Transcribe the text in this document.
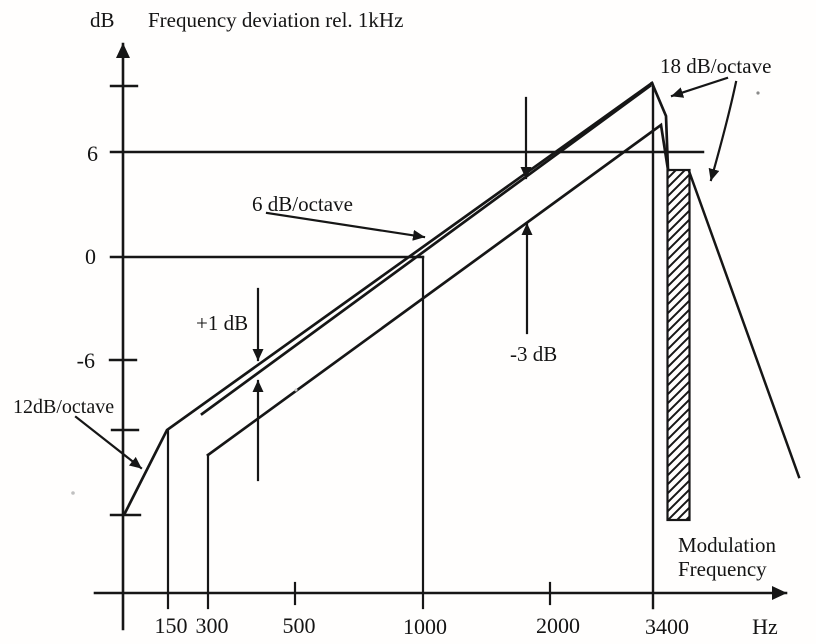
dB Frequency deviation rel. 1kHz
6
0
-6
150 300 500	1000	2000	3400	Hz
18 dB/octave
6 dB/octave
12dB/octave
+1 dB
-3 dB
Modulation
Frequency
